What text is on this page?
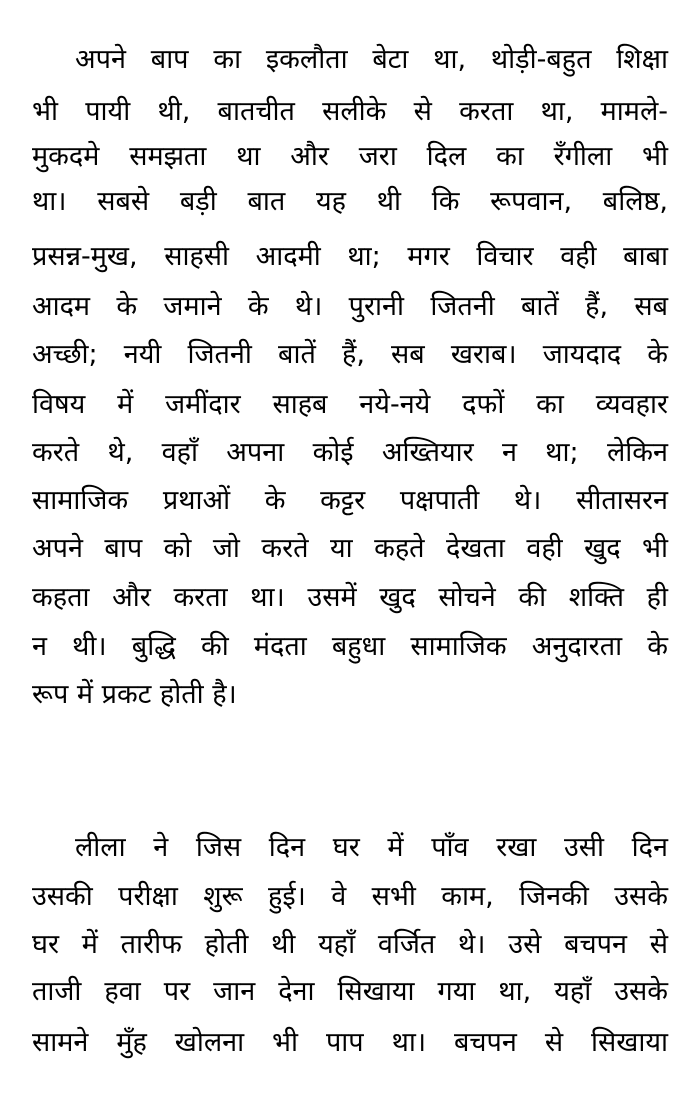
अपने बाप का इकलौता बेटा था, थोड़ी-बहुत शिक्षा
भी पायी थी, बातचीत सलीके से करता था, मामले-
मुकदमे समझता था और जरा दिल का रँगीला भी
था। सबसे बड़ी बात यह थी कि रूपवान, बलिष्ठ,
प्रसन्न-मुख, साहसी आदमी था; मगर विचार वही बाबा
आदम के जमाने के थे। पुरानी जितनी बातें हैं, सब
अच्छी; नयी जितनी बातें हैं, सब खराब। जायदाद के
विषय में जमींदार साहब नये-नये दफों का व्यवहार
करते थे, वहाँ अपना कोई अख्तियार न था; लेकिन
सामाजिक प्रथाओं के कट्टर पक्षपाती थे। सीतासरन
अपने बाप को जो करते या कहते देखता वही खुद भी
कहता और करता था। उसमें खुद सोचने की शक्ति ही
न थी। बुद्धि की मंदता बहुधा सामाजिक अनुदारता के
रूप में प्रकट होती है।
लीला ने जिस दिन घर में पाँव रखा उसी दिन
उसकी परीक्षा शुरू हुई। वे सभी काम, जिनकी उसके
घर में तारीफ होती थी यहाँ वर्जित थे। उसे बचपन से
ताजी हवा पर जान देना सिखाया गया था, यहाँ उसके
सामने मुँह खोलना भी पाप था। बचपन से सिखाया
